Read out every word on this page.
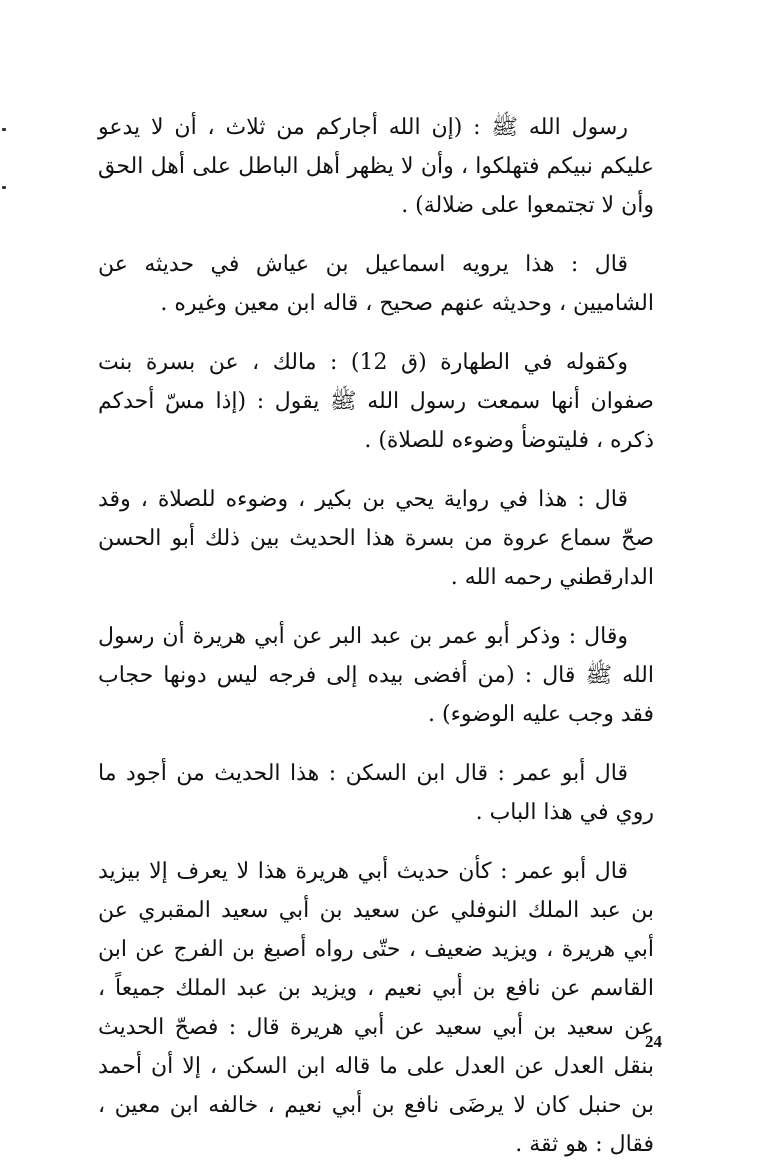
رسول الله ﷺ : (إن الله أجاركم من ثلاث ، أن لا يدعو عليكم نبيكم فتهلكوا ، وأن لا يظهر أهل الباطل على أهل الحق وأن لا تجتمعوا على ضلالة) .

قال : هذا يرويه اسماعيل بن عياش في حديثه عن الشاميين ، وحديثه عنهم صحيح ، قاله ابن معين وغيره .

وكقوله في الطهارة (ق 12) : مالك ، عن بسرة بنت صفوان أنها سمعت رسول الله ﷺ يقول : (إذا مسّ أحدكم ذكره ، فليتوضأ وضوءه للصلاة) .

قال : هذا في رواية يحي بن بكير ، وضوءه للصلاة ، وقد صحّ سماع عروة من بسرة هذا الحديث بين ذلك أبو الحسن الدارقطني رحمه الله .

وقال : وذكر أبو عمر بن عبد البر عن أبي هريرة أن رسول الله ﷺ قال : (من أفضى بيده إلى فرجه ليس دونها حجاب فقد وجب عليه الوضوء) .

قال أبو عمر : قال ابن السكن : هذا الحديث من أجود ما روي في هذا الباب .

قال أبو عمر : كأن حديث أبي هريرة هذا لا يعرف إلا بيزيد بن عبد الملك النوفلي عن سعيد بن أبي سعيد المقبري عن أبي هريرة ، ويزيد ضعيف ، حتّى رواه أصبغ بن الفرج عن ابن القاسم عن نافع بن أبي نعيم ، ويزيد بن عبد الملك جميعاً ، عن سعيد بن أبي سعيد عن أبي هريرة قال : فصحّ الحديث بنقل العدل عن العدل على ما قاله ابن السكن ، إلا أن أحمد بن حنبل كان لا يرضَى نافع بن أبي نعيم ، خالفه ابن معين ، فقال : هو ثقة .

24
